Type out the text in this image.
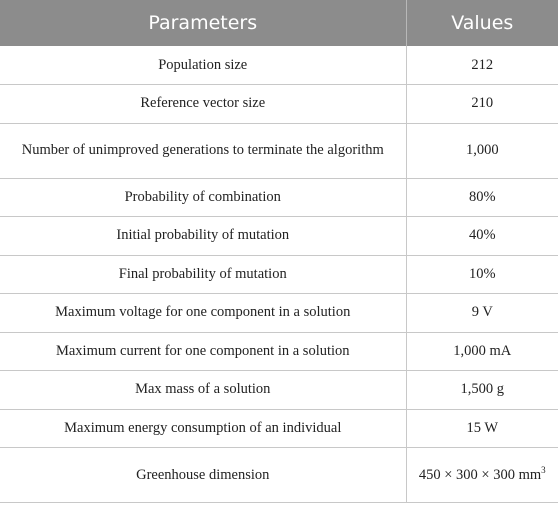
Parameters	Values
Population size	212
Reference vector size	210
Number of unimproved generations to terminate the algorithm	1,000
Probability of combination	80%
Initial probability of mutation	40%
Final probability of mutation	10%
Maximum voltage for one component in a solution	9 V
Maximum current for one component in a solution	1,000 mA
Max mass of a solution	1,500 g
Maximum energy consumption of an individual	15 W
Greenhouse dimension	450 × 300 × 300 $mm^3$
